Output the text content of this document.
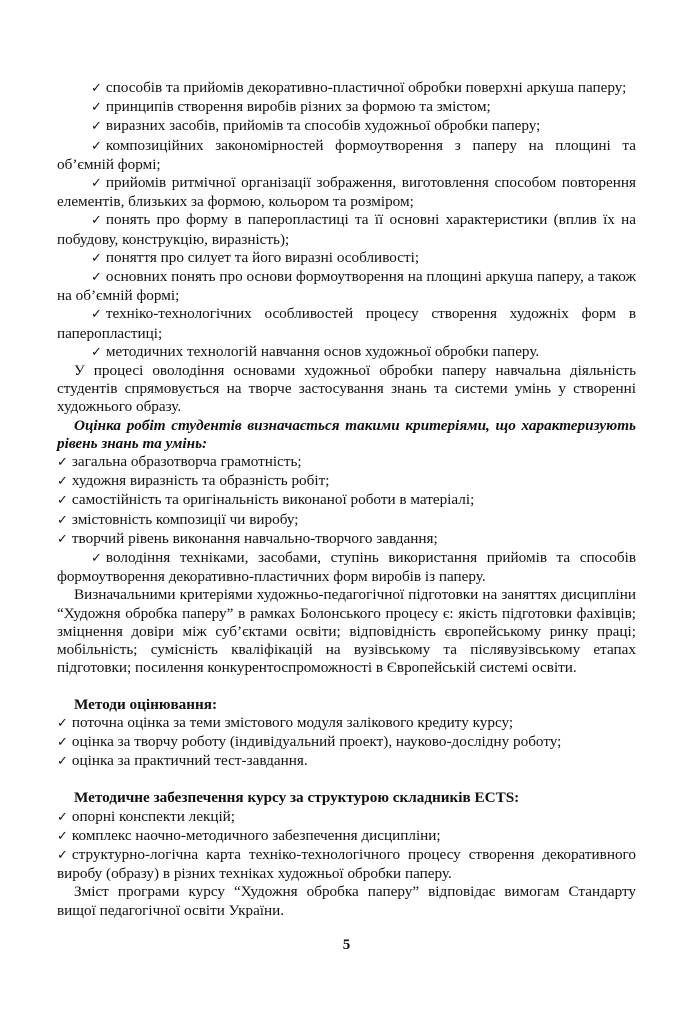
✓ способів та прийомів декоративно-пластичної обробки поверхні аркуша паперу;

✓ принципів створення виробів різних за формою та змістом;

✓ виразних засобів, прийомів та способів художньої обробки паперу;

✓ композиційних закономірностей формоутворення з паперу на площині та об’ємній формі;

✓ прийомів ритмічної організації зображення, виготовлення способом повторення елементів, близьких за формою, кольором та розміром;

✓ понять про форму в паперопластиці та її основні характеристики (вплив їх на побудову, конструкцію, виразність);

✓ поняття про силует та його виразні особливості;

✓ основних понять про основи формоутворення на площині аркуша паперу, а також на об’ємній формі;

✓ техніко-технологічних особливостей процесу створення художніх форм в паперопластиці;

✓ методичних технологій навчання основ художньої обробки паперу.

У процесі оволодіння основами художньої обробки паперу навчальна діяльність студентів спрямовується на творче застосування знань та системи умінь у створенні художнього образу.

Оцінка робіт студентів визначається такими критеріями, що характеризують рівень знань та умінь:

✓ загальна образотворча грамотність;

✓ художня виразність та образність робіт;

✓ самостійність та оригінальність виконаної роботи в матеріалі;

✓ змістовність композиції чи виробу;

✓ творчий рівень виконання навчально-творчого завдання;

✓ володіння техніками, засобами, ступінь використання прийомів та способів формоутворення декоративно-пластичних форм виробів із паперу.

Визначальними критеріями художньо-педагогічної підготовки на заняттях дисципліни “Художня обробка паперу” в рамках Болонського процесу є: якість підготовки фахівців; зміцнення довіри між суб’єктами освіти; відповідність європейському ринку праці; мобільність; сумісність кваліфікацій на вузівському та післявузівському етапах підготовки; посилення конкурентоспроможності в Європейській системі освіти.

Методи оцінювання:

✓ поточна оцінка за теми змістового модуля залікового кредиту курсу;

✓ оцінка за творчу роботу (індивідуальний проект), науково-дослідну роботу;

✓ оцінка за практичний тест-завдання.

Методичне забезпечення курсу за структурою складників ECTS:

✓ опорні конспекти лекцій;

✓ комплекс наочно-методичного забезпечення дисципліни;

✓ структурно-логічна карта техніко-технологічного процесу створення декоративного виробу (образу) в різних техніках художньої обробки паперу.

Зміст програми курсу “Художня обробка паперу” відповідає вимогам Стандарту вищої педагогічної освіти України.

5
